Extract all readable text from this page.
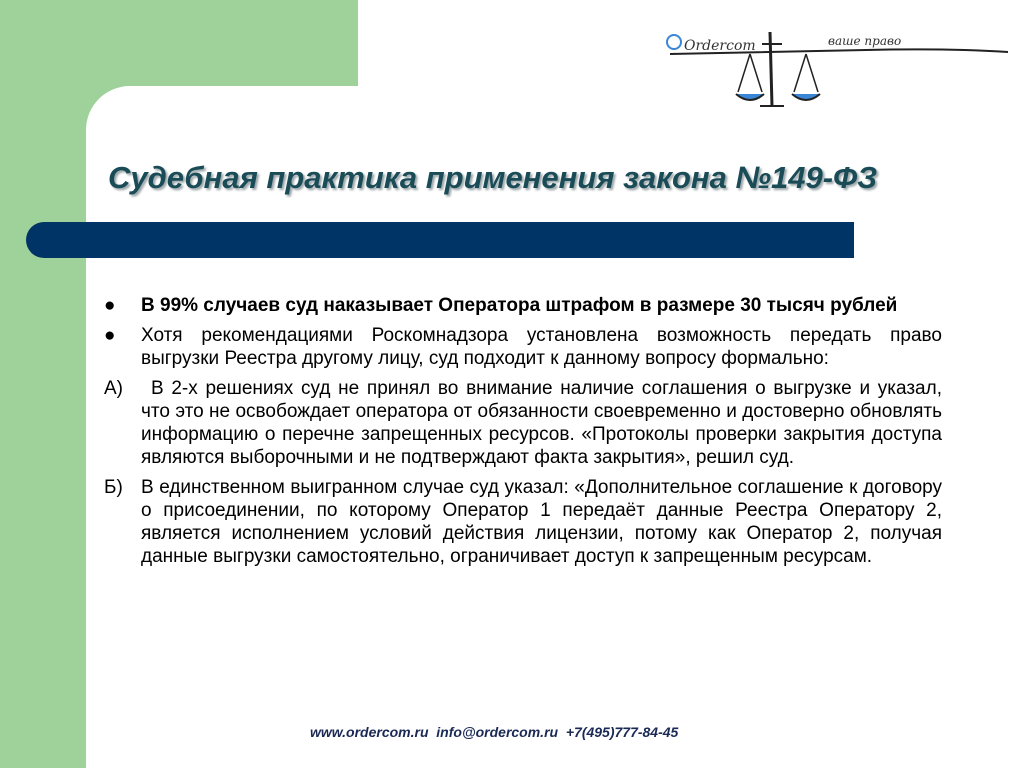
Ordercom	ваше право
Судебная практика применения закона №149-ФЗ
●	В 99% случаев суд наказывает Оператора штрафом в размере 30 тысяч рублей
●	Хотя рекомендациями Роскомнадзора установлена возможность передать право выгрузки Реестра другому лицу, суд подходит к данному вопросу формально:
А)	В 2-х решениях суд не принял во внимание наличие соглашения о выгрузке и указал, что это не освобождает оператора от обязанности своевременно и достоверно обновлять информацию о перечне запрещенных ресурсов. «Протоколы проверки закрытия доступа являются выборочными и не подтверждают факта закрытия», решил суд.
Б) В единственном выигранном случае суд указал: «Дополнительное соглашение к договору о присоединении, по которому Оператор 1 передаёт данные Реестра Оператору 2, является исполнением условий действия лицензии, потому как Оператор 2, получая данные выгрузки самостоятельно, ограничивает доступ к запрещенным ресурсам.
www.ordercom.ru info@ordercom.ru +7(495)777-84-45
